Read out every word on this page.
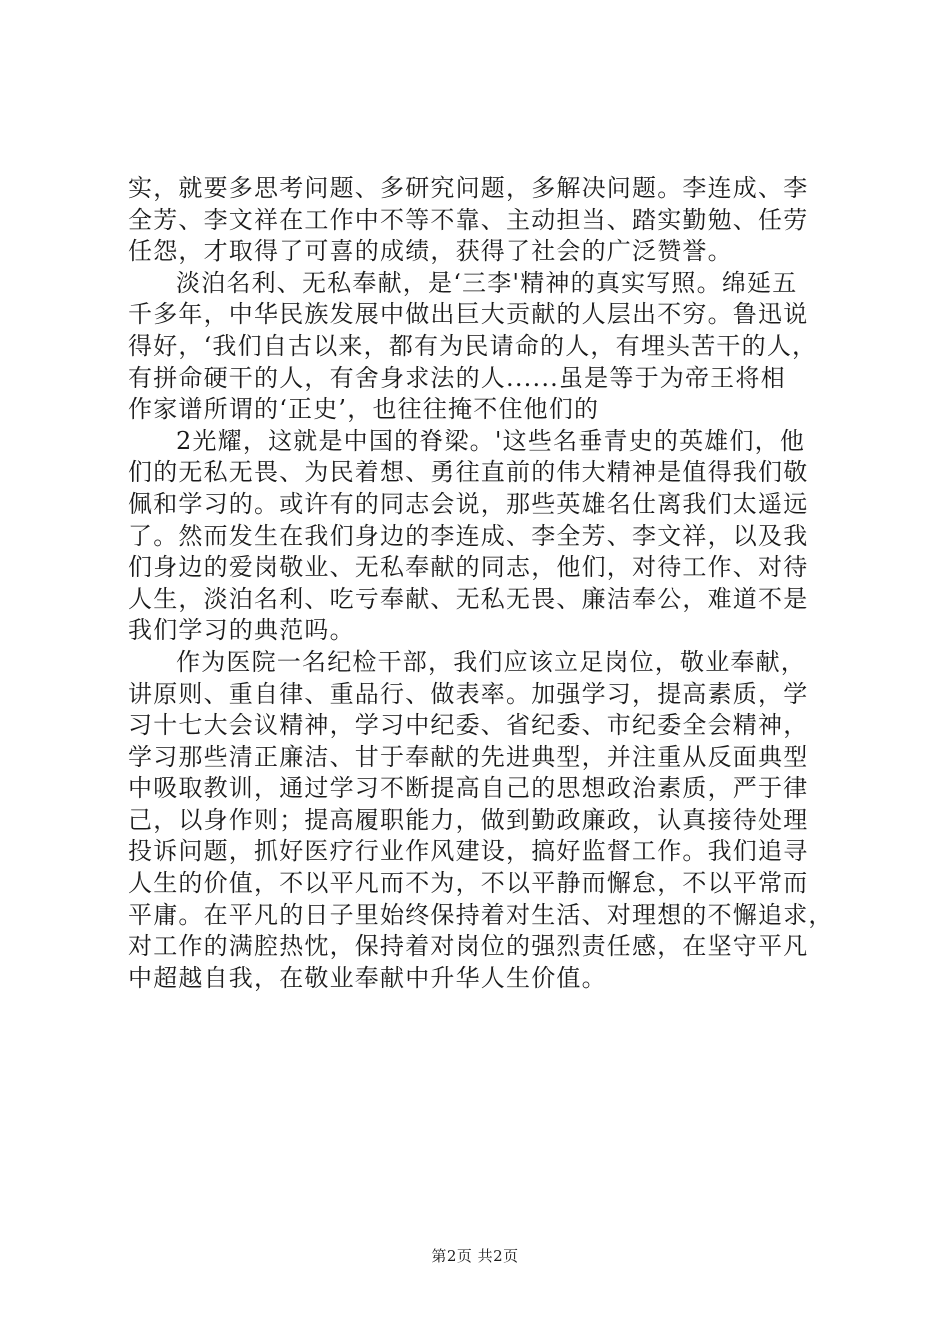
实，就要多思考问题、多研究问题，多解决问题。李连成、李
全芳、李文祥在工作中不等不靠、主动担当、踏实勤勉、任劳
任怨，才取得了可喜的成绩，获得了社会的广泛赞誉。
淡泊名利、无私奉献，是‘三李'精神的真实写照。绵延五
千多年，中华民族发展中做出巨大贡献的人层出不穷。鲁迅说
得好，‘我们自古以来，都有为民请命的人，有埋头苦干的人，
有拼命硬干的人，有舍身求法的人......虽是等于为帝王将相
作家谱所谓的‘正史’，也往往掩不住他们的
2光耀，这就是中国的脊梁。'这些名垂青史的英雄们，他
们的无私无畏、为民着想、勇往直前的伟大精神是值得我们敬
佩和学习的。或许有的同志会说，那些英雄名仕离我们太遥远
了。然而发生在我们身边的李连成、李全芳、李文祥，以及我
们身边的爱岗敬业、无私奉献的同志，他们，对待工作、对待
人生，淡泊名利、吃亏奉献、无私无畏、廉洁奉公，难道不是
我们学习的典范吗。
作为医院一名纪检干部，我们应该立足岗位，敬业奉献，
讲原则、重自律、重品行、做表率。加强学习，提高素质，学
习十七大会议精神，学习中纪委、省纪委、市纪委全会精神，
学习那些清正廉洁、甘于奉献的先进典型，并注重从反面典型
中吸取教训，通过学习不断提高自己的思想政治素质，严于律
己，以身作则；提高履职能力，做到勤政廉政，认真接待处理
投诉问题，抓好医疗行业作风建设，搞好监督工作。我们追寻
人生的价值，不以平凡而不为，不以平静而懈怠，不以平常而
平庸。在平凡的日子里始终保持着对生活、对理想的不懈追求，
对工作的满腔热忱，保持着对岗位的强烈责任感，在坚守平凡
中超越自我，在敬业奉献中升华人生价值。
第2页 共2页
